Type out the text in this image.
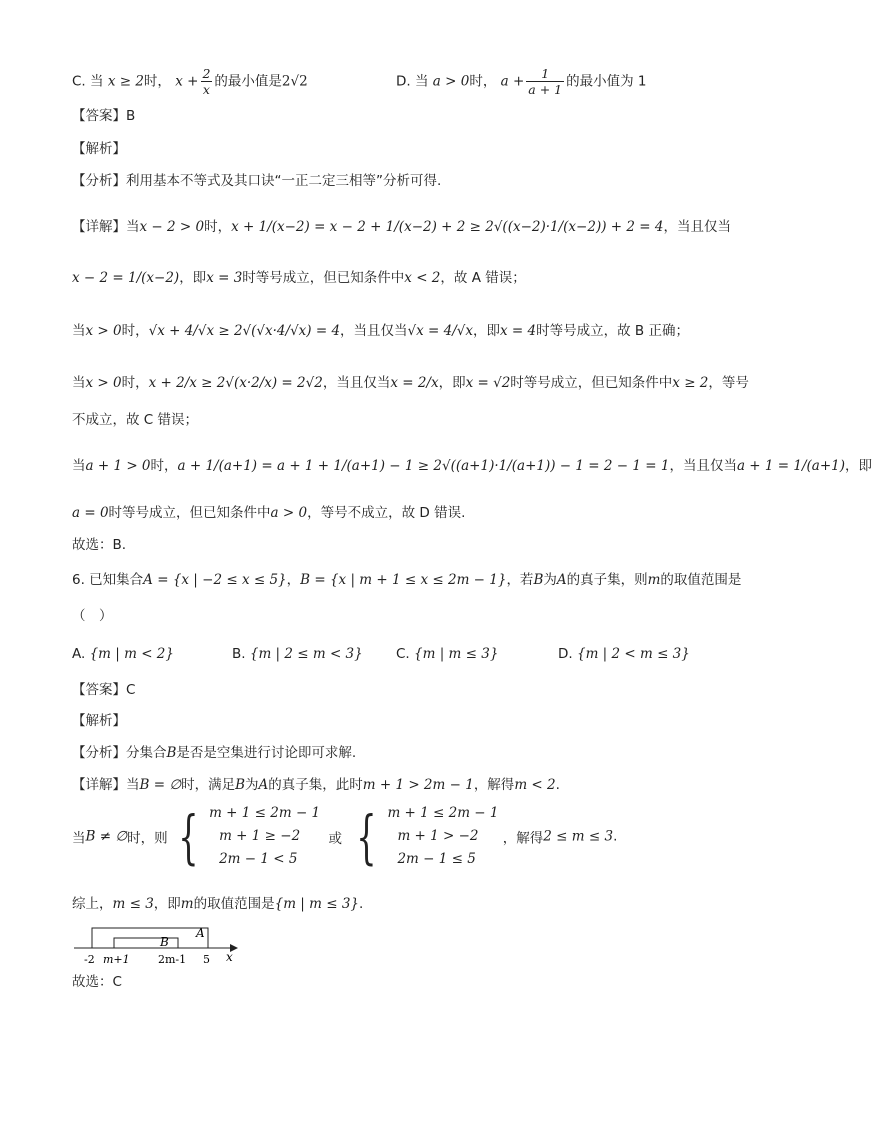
C. 当 x ≥ 2时， $x + \frac{2}{x}$ 的最小值是2√2	D. 当 a > 0时， $a + \frac{1}{a + 1}$ 的最小值为 1
【答案】B
【解析】
【分析】利用基本不等式及其口诀“一正二定三相等”分析可得.
【详解】当x − 2 > 0时，x + 1/(x−2) = x − 2 + 1/(x−2) + 2 ≥ 2√((x−2)·1/(x−2)) + 2 = 4，当且仅当
x − 2 = 1/(x−2)，即x = 3时等号成立，但已知条件中x < 2，故 A 错误；
当x > 0时，√x + 4/√x ≥ 2√(√x·4/√x) = 4，当且仅当√x = 4/√x，即x = 4时等号成立，故 B 正确；
当x > 0时，x + 2/x ≥ 2√(x·2/x) = 2√2，当且仅当x = 2/x，即x = √2时等号成立，但已知条件中x ≥ 2，等号
不成立，故 C 错误；
当a + 1 > 0时，a + 1/(a+1) = a + 1 + 1/(a+1) − 1 ≥ 2√((a+1)·1/(a+1)) − 1 = 2 − 1 = 1，当且仅当a + 1 = 1/(a+1)，即
a = 0时等号成立，但已知条件中a > 0，等号不成立，故 D 错误.
故选：B.
6. 已知集合A = {x | −2 ≤ x ≤ 5}，B = {x | m + 1 ≤ x ≤ 2m − 1}，若B为A的真子集，则m的取值范围是
（　）
A. {m | m < 2}	B. {m | 2 ≤ m < 3} C. {m | m ≤ 3}	D. {m | 2 < m ≤ 3}
【答案】C
【解析】
【分析】分集合B是否是空集进行讨论即可求解.
【详解】当B = ∅时，满足B为A的真子集，此时m + 1 > 2m − 1，解得m < 2.
当B ≠ ∅时，则 { m + 1 ≤ 2m − 1
m + 1 ≥ −2
2m − 1 < 5
或 { m + 1 ≤ 2m − 1
m + 1 > −2
2m − 1 ≤ 5
，解得2 ≤ m ≤ 3.
综上，m ≤ 3，即m的取值范围是{m | m ≤ 3}.
A
B
-2 m+1	2m-1 5 x
故选：C
